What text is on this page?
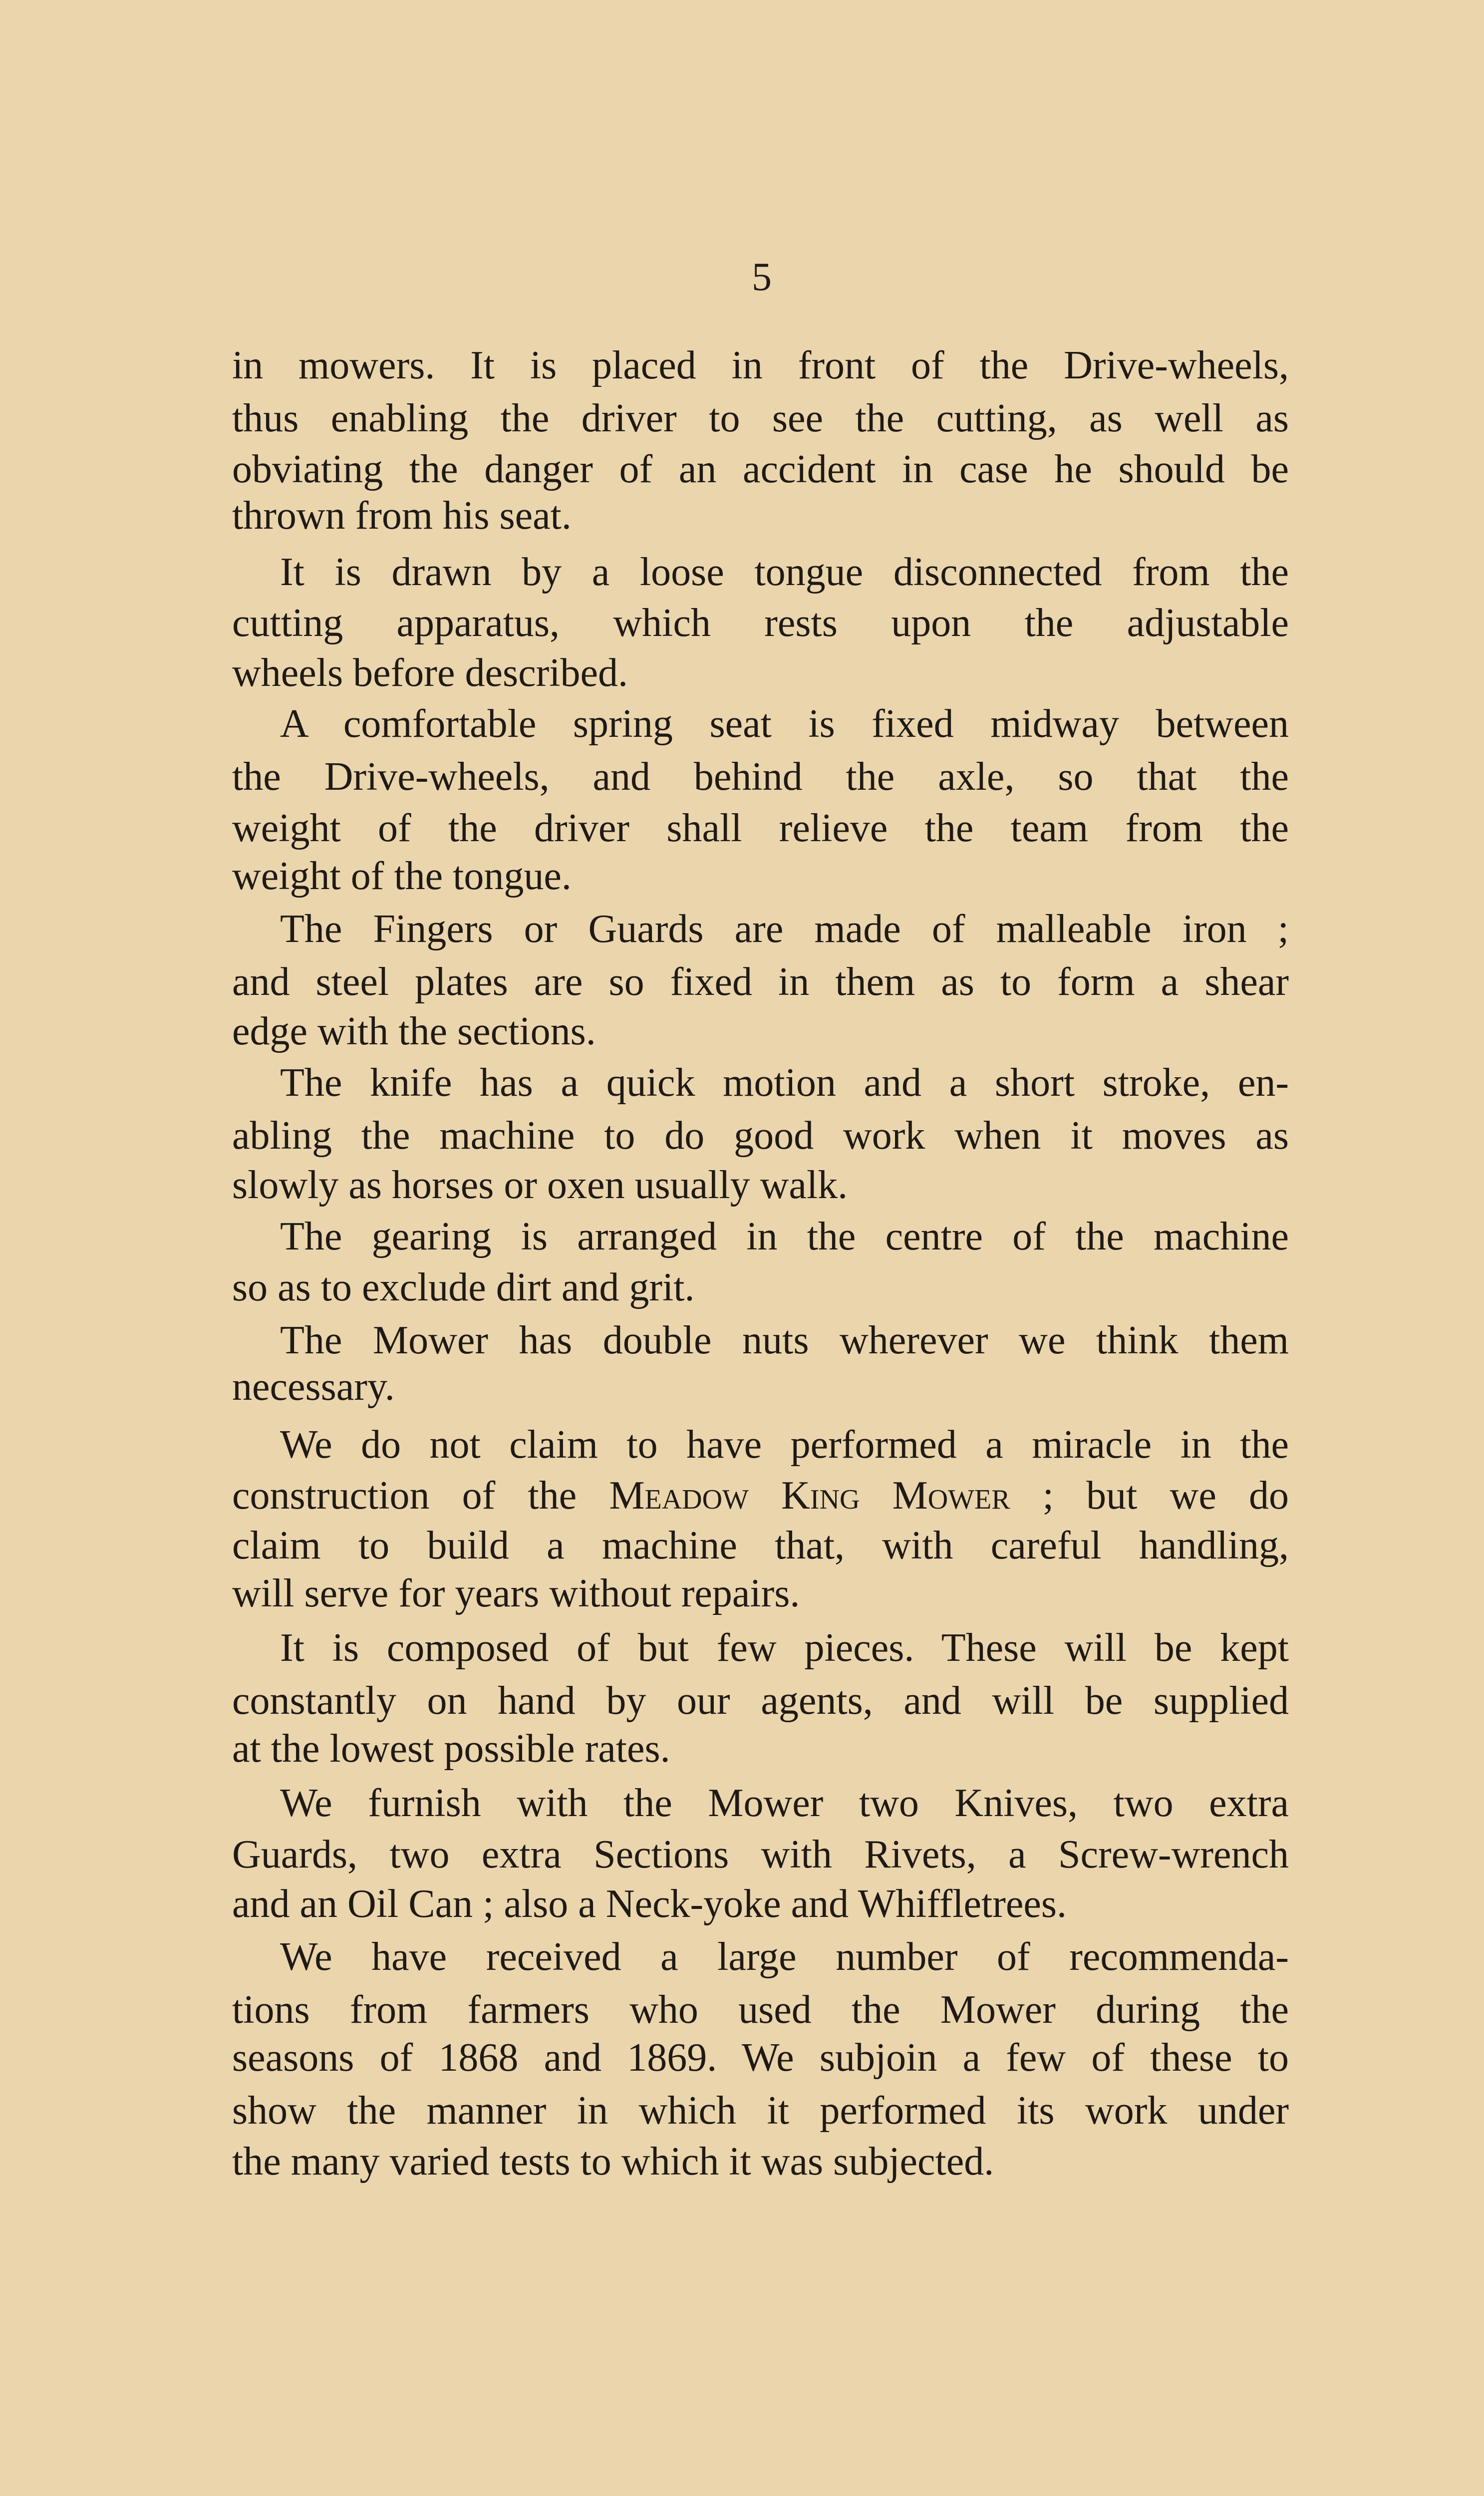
5
in mowers. It is placed in front of the Drive-wheels,
thus enabling the driver to see the cutting, as well as
obviating the danger of an accident in case he should be
thrown from his seat.
It is drawn by a loose tongue disconnected from the
cutting apparatus, which rests upon the adjustable
wheels before described.
A comfortable spring seat is fixed midway between
the Drive-wheels, and behind the axle, so that the
weight of the driver shall relieve the team from the
weight of the tongue.
The Fingers or Guards are made of malleable iron ;
and steel plates are so fixed in them as to form a shear
edge with the sections.
The knife has a quick motion and a short stroke, en-
abling the machine to do good work when it moves as
slowly as horses or oxen usually walk.
The gearing is arranged in the centre of the machine
so as to exclude dirt and grit.
The Mower has double nuts wherever we think them
necessary.
We do not claim to have performed a miracle in the
construction of the Meadow King Mower ; but we do
claim to build a machine that, with careful handling,
will serve for years without repairs.
It is composed of but few pieces. These will be kept
constantly on hand by our agents, and will be supplied
at the lowest possible rates.
We furnish with the Mower two Knives, two extra
Guards, two extra Sections with Rivets, a Screw-wrench
and an Oil Can ; also a Neck-yoke and Whiffletrees.
We have received a large number of recommenda-
tions from farmers who used the Mower during the
seasons of 1868 and 1869. We subjoin a few of these to
show the manner in which it performed its work under
the many varied tests to which it was subjected.
